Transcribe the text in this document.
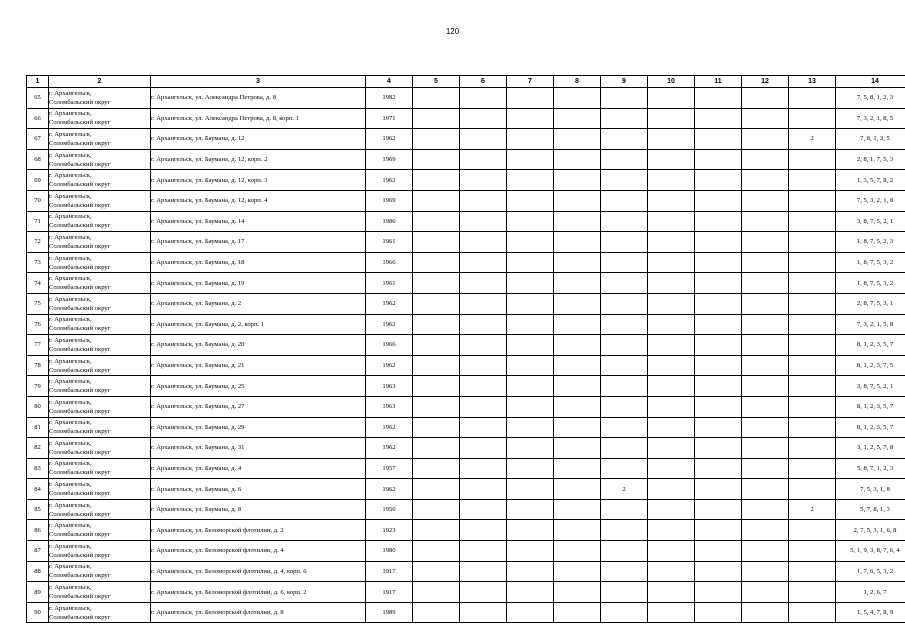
120
1	2	3	4	5	6	7	8	9	10	11	12	13	14
65	г. Архангельск,
Соломбальский округ	г. Архангельск, ул. Александра Петрова, д. 8	1982										7, 5, 8, 1, 2, 3
66	г. Архангельск,
Соломбальский округ	г. Архангельск, ул. Александра Петрова, д. 8, корп. 1	1971										7, 3, 2, 1, 8, 5
67	г. Архангельск,
Соломбальский округ	г. Архангельск, ул. Баумана, д. 12	1962									2	7, 8, 1, 3, 5
68	г. Архангельск,
Соломбальский округ	г. Архангельск, ул. Баумана, д. 12, корп. 2	1969										2, 8, 1, 7, 5, 3
69	г. Архангельск,
Соломбальский округ	г. Архангельск, ул. Баумана, д. 12, корп. 3	1962										1, 3, 5, 7, 8, 2
70	г. Архангельск,
Соломбальский округ	г. Архангельск, ул. Баумана, д. 12, корп. 4	1969										7, 5, 3, 2, 1, 8
71	г. Архангельск,
Соломбальский округ	г. Архангельск, ул. Баумана, д. 14	1986										3, 8, 7, 5, 2, 1
72	г. Архангельск,
Соломбальский округ	г. Архангельск, ул. Баумана, д. 17	1961										1, 8, 7, 5, 2, 3
73	г. Архангельск,
Соломбальский округ	г. Архангельск, ул. Баумана, д. 18	1966										1, 8, 7, 5, 3, 2
74	г. Архангельск,
Соломбальский округ	г. Архангельск, ул. Баумана, д. 19	1961										1, 8, 7, 5, 3, 2
75	г. Архангельск,
Соломбальский округ	г. Архангельск, ул. Баумана, д. 2	1962										2, 8, 7, 5, 3, 1
76	г. Архангельск,
Соломбальский округ	г. Архангельск, ул. Баумана, д. 2, корп. 1	1962										7, 3, 2, 1, 5, 8
77	г. Архангельск,
Соломбальский округ	г. Архангельск, ул. Баумана, д. 20	1966										8, 1, 2, 3, 5, 7
78	г. Архангельск,
Соломбальский округ	г. Архангельск, ул. Баумана, д. 21	1962										8, 1, 2, 3, 7, 5
79	г. Архангельск,
Соломбальский округ	г. Архангельск, ул. Баумана, д. 25	1963										3, 8, 7, 5, 2, 1
80	г. Архангельск,
Соломбальский округ	г. Архангельск, ул. Баумана, д. 27	1963										8, 1, 2, 3, 5, 7
81	г. Архангельск,
Соломбальский округ	г. Архангельск, ул. Баумана, д. 29	1962										8, 1, 2, 3, 5, 7
82	г. Архангельск,
Соломбальский округ	г. Архангельск, ул. Баумана, д. 31	1962										3, 1, 2, 5, 7, 8
83	г. Архангельск,
Соломбальский округ	г. Архангельск, ул. Баумана, д. 4	1957										5, 8, 7, 1, 2, 3
84	г. Архангельск,
Соломбальский округ	г. Архангельск, ул. Баумана, д. 6	1962					2					7, 5, 3, 1, 8
85	г. Архангельск,
Соломбальский округ	г. Архангельск, ул. Баумана, д. 8	1956									2	5, 7, 8, 1, 3
86	г. Архангельск,
Соломбальский округ	г. Архангельск, ул. Беломорской флотилии, д. 2	1923										2, 7, 5, 3, 1, 6, 8
87	г. Архангельск,
Соломбальский округ	г. Архангельск, ул. Беломорской флотилии, д. 4	1980										5, 1, 9, 3, 8, 7, 6, 4
88	г. Архангельск,
Соломбальский округ	г. Архангельск, ул. Беломорской флотилии, д. 4, корп. 6	1917										1, 7, 6, 5, 3, 2
89	г. Архангельск,
Соломбальский округ	г. Архангельск, ул. Беломорской флотилии, д. 6, корп. 2	1917										1, 2, 6, 7
90	г. Архангельск,
Соломбальский округ	г. Архангельск, ул. Беломорской флотилии, д. 8	1989										1, 5, 4, 7, 8, 9
